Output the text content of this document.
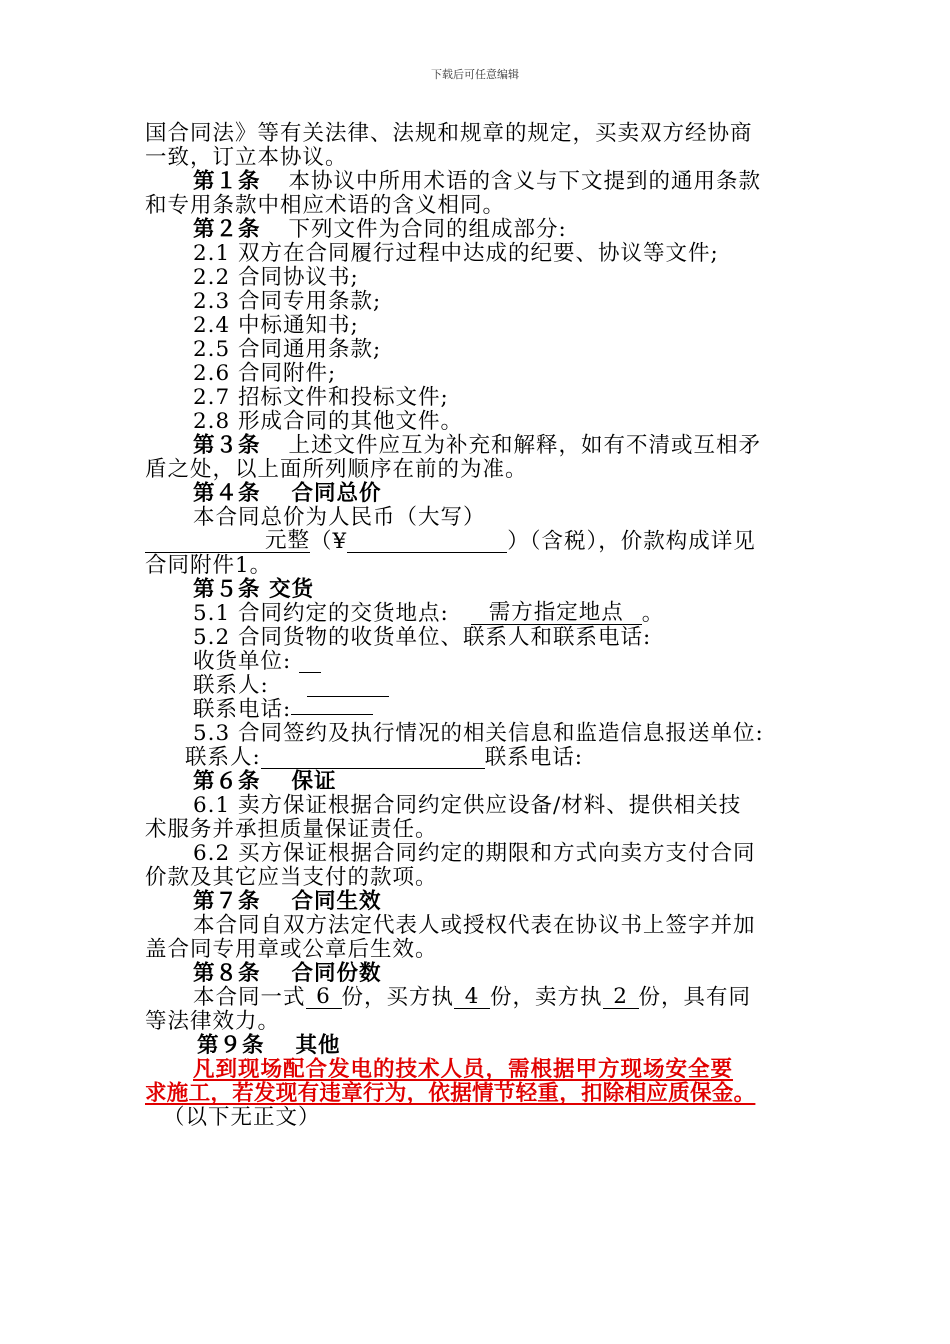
下载后可任意编辑
国合同法》等有关法律、法规和规章的规定，买卖双方经协商
一致，订立本协议。
第１条 本协议中所用术语的含义与下文提到的通用条款
和专用条款中相应术语的含义相同。
第２条 下列文件为合同的组成部分:
2.1 双方在合同履行过程中达成的纪要、协议等文件;
2.2 合同协议书;
2.3 合同专用条款;
2.4 中标通知书;
2.5 合同通用条款;
2.6 合同附件;
2.7 招标文件和投标文件;
2.8 形成合同的其他文件。
第３条 上述文件应互为补充和解释，如有不清或互相矛
盾之处，以上面所列顺序在前的为准。
第４条　 合同总价
本合同总价为人民币（大写）
元整（¥	）（含税），价款构成详见
合同附件1。
第５条 交货
5.1 合同约定的交货地点: 需方指定地点 。
5.2 合同货物的收货单位、联系人和联系电话:
收货单位:
联系人:
联系电话:
5.3 合同签约及执行情况的相关信息和监造信息报送单位:
联系人:	联系电话:
第６条　 保证
6.1 卖方保证根据合同约定供应设备/材料、提供相关技
术服务并承担质量保证责任。
6.2 买方保证根据合同约定的期限和方式向卖方支付合同
价款及其它应当支付的款项。
第７条　 合同生效
本合同自双方法定代表人或授权代表在协议书上签字并加
盖合同专用章或公章后生效。
第８条　 合同份数
本合同一式 6 份，买方执 4 份，卖方执 2 份，具有同
等法律效力。
第９条　 其他
凡到现场配合发电的技术人员，需根据甲方现场安全要
求施工，若发现有违章行为，依据情节轻重，扣除相应质保金。
（以下无正文）
